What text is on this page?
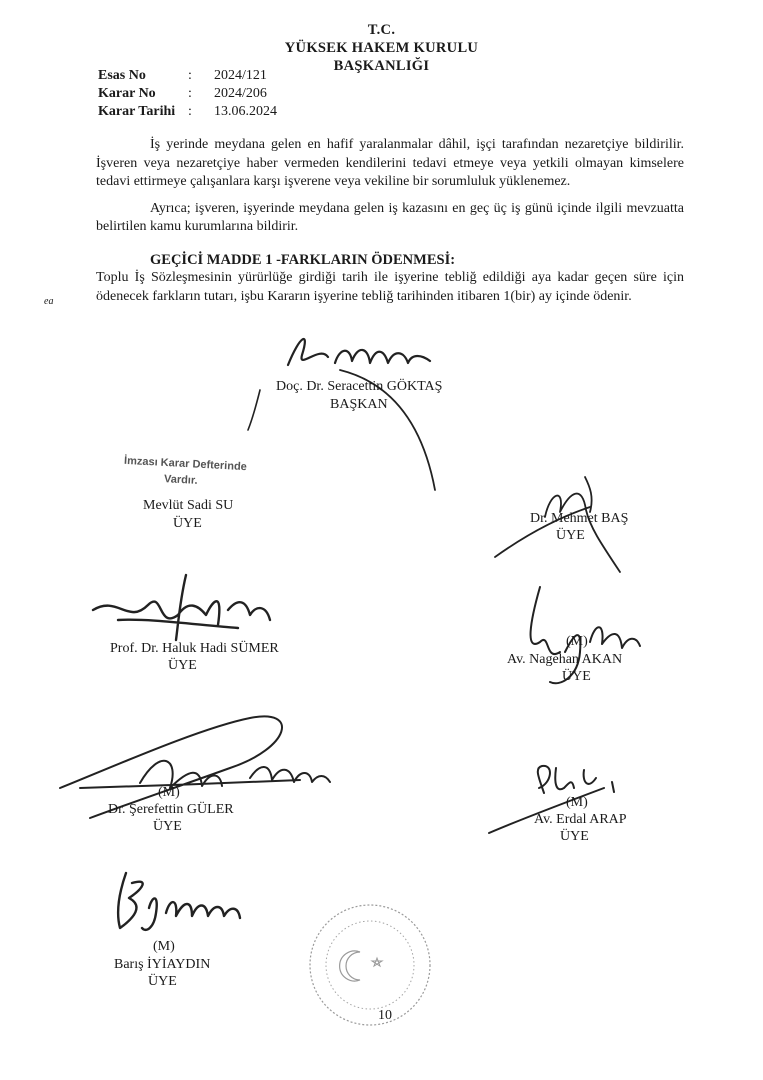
T.C.
YÜKSEK HAKEM KURULU
BAŞKANLIĞI
Esas No	: 2024/121
Karar No : 2024/206
Karar Tarihi : 13.06.2024

İş yerinde meydana gelen en hafif yaralanmalar dâhil, işçi tarafından nezaretçiye bildirilir. İşveren veya nezaretçiye haber vermeden kendilerini tedavi etmeye veya yetkili olmayan kimselere tedavi ettirmeye çalışanlara karşı işverene veya vekiline bir sorumluluk yüklenemez.

Ayrıca; işveren, işyerinde meydana gelen iş kazasını en geç üç iş günü içinde ilgili mevzuatta belirtilen kamu kurumlarına bildirir.

GEÇİCİ MADDE 1 -FARKLARIN ÖDENMESİ:

Toplu İş Sözleşmesinin yürürlüğe girdiği tarih ile işyerine tebliğ edildiği aya kadar geçen süre için ödenecek farkların tutarı, işbu Kararın işyerine tebliğ tarihinden itibaren 1(bir) ay içinde ödenir.

ea
Doç. Dr. Seracettin GÖKTAŞ
BAŞKAN
İmzası Karar Defterinde
Vardır.
Mevlüt Sadi SU
ÜYE	Dr. Mehmet BAŞ
ÜYE
Prof. Dr. Haluk Hadi SÜMER
ÜYE
(M)
Av. Nagehan AKAN
ÜYE
(M)
Dr. Şerefettin GÜLER
ÜYE
(M)
Av. Erdal ARAP
ÜYE
(M)
Barış İYİAYDIN
ÜYE
10
